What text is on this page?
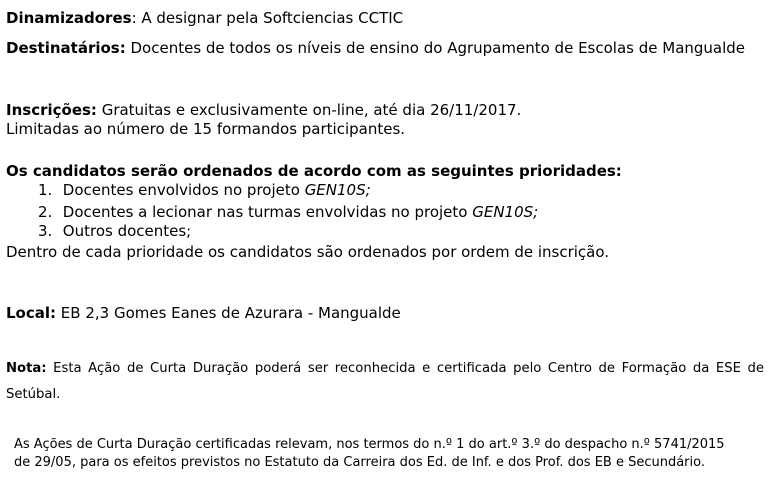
Dinamizadores: A designar pela Softciencias CCTIC
Destinatários: Docentes de todos os níveis de ensino do Agrupamento de Escolas de Mangualde
Inscrições: Gratuitas e exclusivamente on-line, até dia 26/11/2017.
Limitadas ao número de 15 formandos participantes.
Os candidatos serão ordenados de acordo com as seguintes prioridades:
1. Docentes envolvidos no projeto GEN10S;
2. Docentes a lecionar nas turmas envolvidas no projeto GEN10S;
3. Outros docentes;
Dentro de cada prioridade os candidatos são ordenados por ordem de inscrição.
Local: EB 2,3 Gomes Eanes de Azurara - Mangualde
Nota: Esta Ação de Curta Duração poderá ser reconhecida e certificada pelo Centro de Formação da ESE de Setúbal.
As Ações de Curta Duração certificadas relevam, nos termos do n.º 1 do art.º 3.º do despacho n.º 5741/2015
de 29/05, para os efeitos previstos no Estatuto da Carreira dos Ed. de Inf. e dos Prof. dos EB e Secundário.
